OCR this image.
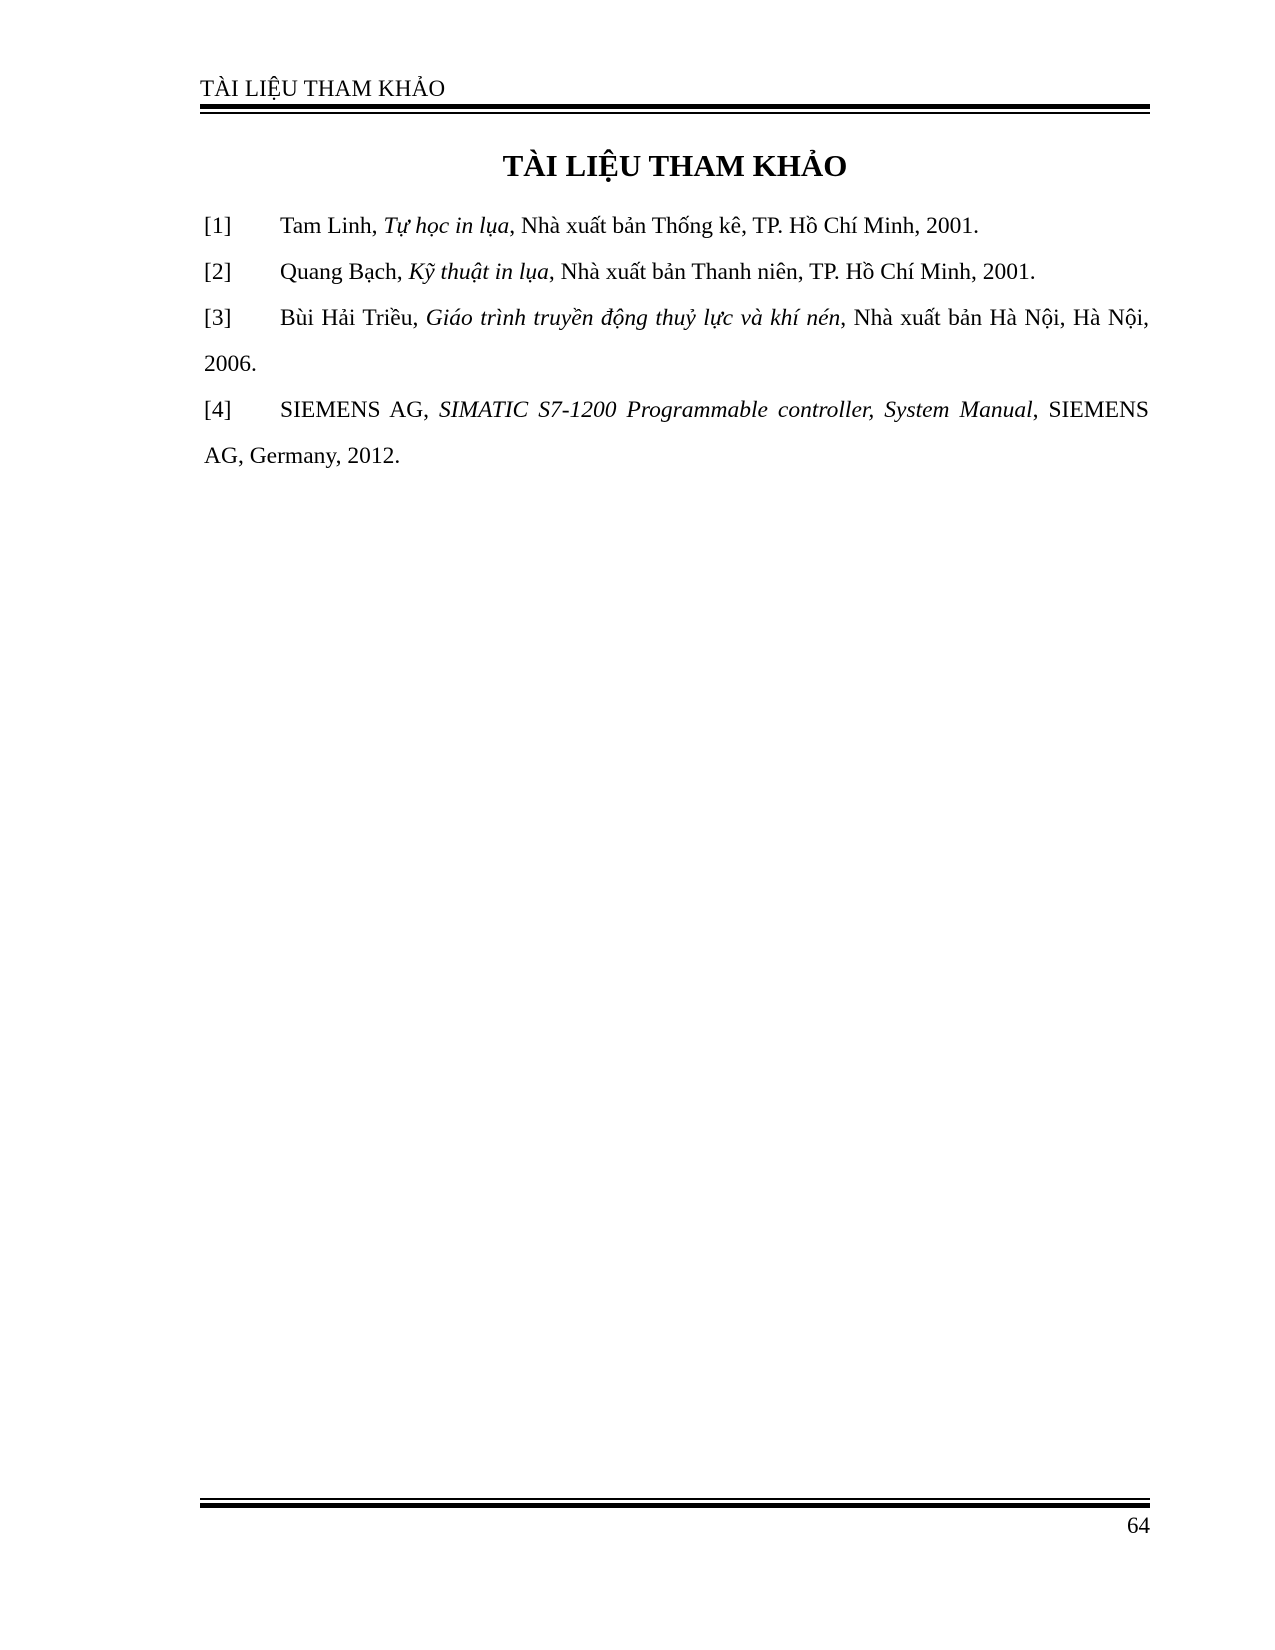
TÀI LIỆU THAM KHẢO
TÀI LIỆU THAM KHẢO

[1] Tam Linh, Tự học in lụa, Nhà xuất bản Thống kê, TP. Hồ Chí Minh, 2001.

[2] Quang Bạch, Kỹ thuật in lụa, Nhà xuất bản Thanh niên, TP. Hồ Chí Minh, 2001.

[3] Bùi Hải Triều, Giáo trình truyền động thuỷ lực và khí nén, Nhà xuất bản Hà Nội, Hà Nội, 2006.

[4] SIEMENS AG, SIMATIC S7-1200 Programmable controller, System Manual, SIEMENS AG, Germany, 2012.

64
